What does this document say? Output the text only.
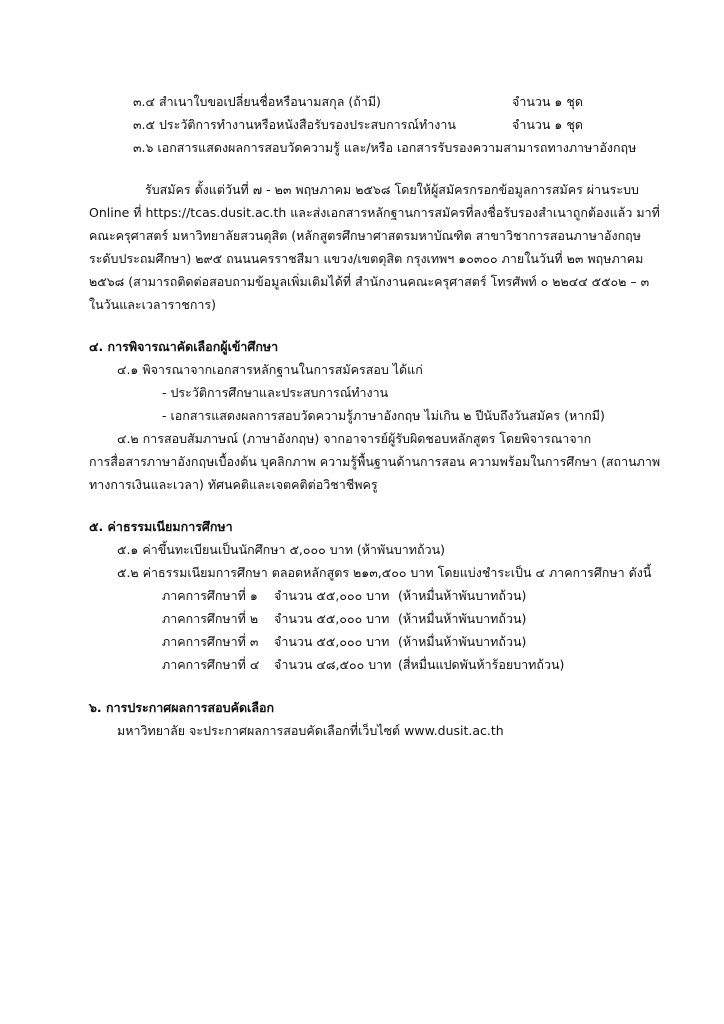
๓.๔ สำเนาใบขอเปลี่ยนชื่อหรือนามสกุล (ถ้ามี)	จำนวน ๑ ชุด
๓.๕ ประวัติการทำงานหรือหนังสือรับรองประสบการณ์ทำงาน	จำนวน ๑ ชุด
๓.๖ เอกสารแสดงผลการสอบวัดความรู้ และ/หรือ เอกสารรับรองความสามารถทางภาษาอังกฤษ
รับสมัคร ตั้งแต่วันที่ ๗ - ๒๓ พฤษภาคม ๒๕๖๘ โดยให้ผู้สมัครกรอกข้อมูลการสมัคร ผ่านระบบ
Online ที่ https://tcas.dusit.ac.th และส่งเอกสารหลักฐานการสมัครที่ลงชื่อรับรองสำเนาถูกต้องแล้ว มาที่
คณะครุศาสตร์ มหาวิทยาลัยสวนดุสิต (หลักสูตรศึกษาศาสตรมหาบัณฑิต สาขาวิชาการสอนภาษาอังกฤษ
ระดับประถมศึกษา) ๒๙๕ ถนนนครราชสีมา แขวง/เขตดุสิต กรุงเทพฯ ๑๐๓๐๐ ภายในวันที่ ๒๓ พฤษภาคม
๒๕๖๘ (สามารถติดต่อสอบถามข้อมูลเพิ่มเติมได้ที่ สำนักงานคณะครุศาสตร์ โทรศัพท์ ๐ ๒๒๔๔ ๕๕๐๒ – ๓
ในวันและเวลาราชการ)
๔. การพิจารณาคัดเลือกผู้เข้าศึกษา
๔.๑ พิจารณาจากเอกสารหลักฐานในการสมัครสอบ ได้แก่
- ประวัติการศึกษาและประสบการณ์ทำงาน
- เอกสารแสดงผลการสอบวัดความรู้ภาษาอังกฤษ ไม่เกิน ๒ ปีนับถึงวันสมัคร (หากมี)
๔.๒ การสอบสัมภาษณ์ (ภาษาอังกฤษ) จากอาจารย์ผู้รับผิดชอบหลักสูตร โดยพิจารณาจาก
การสื่อสารภาษาอังกฤษเบื้องต้น บุคลิกภาพ ความรู้พื้นฐานด้านการสอน ความพร้อมในการศึกษา (สถานภาพ
ทางการเงินและเวลา) ทัศนคติและเจตคติต่อวิชาชีพครู
๕. ค่าธรรมเนียมการศึกษา
๕.๑ ค่าขึ้นทะเบียนเป็นนักศึกษา ๕,๐๐๐ บาท (ห้าพันบาทถ้วน)
๕.๒ ค่าธรรมเนียมการศึกษา ตลอดหลักสูตร ๒๑๓,๕๐๐ บาท โดยแบ่งชำระเป็น ๔ ภาคการศึกษา ดังนี้
ภาคการศึกษาที่ ๑ จำนวน ๕๕,๐๐๐ บาท (ห้าหมื่นห้าพันบาทถ้วน)
ภาคการศึกษาที่ ๒ จำนวน ๕๕,๐๐๐ บาท (ห้าหมื่นห้าพันบาทถ้วน)
ภาคการศึกษาที่ ๓ จำนวน ๕๕,๐๐๐ บาท (ห้าหมื่นห้าพันบาทถ้วน)
ภาคการศึกษาที่ ๔ จำนวน ๔๘,๕๐๐ บาท (สี่หมื่นแปดพันห้าร้อยบาทถ้วน)
๖. การประกาศผลการสอบคัดเลือก
มหาวิทยาลัย จะประกาศผลการสอบคัดเลือกที่เว็บไซต์ www.dusit.ac.th
